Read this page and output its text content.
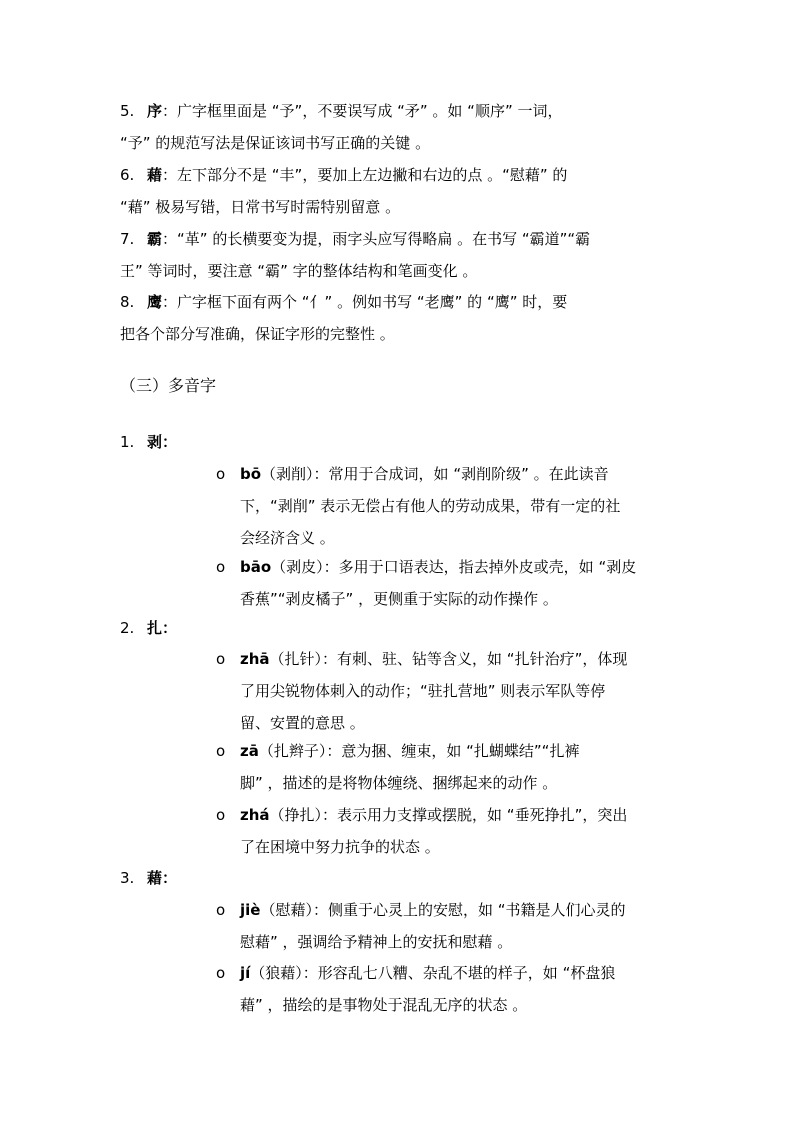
5. 序：广字框里面是 “予”，不要误写成 “矛” 。如 “顺序” 一词，
“予” 的规范写法是保证该词书写正确的关键 。
6. 藉：左下部分不是 “丰”，要加上左边撇和右边的点 。“慰藉” 的
“藉” 极易写错，日常书写时需特别留意 。
7. 霸：“革” 的长横要变为提，雨字头应写得略扁 。在书写 “霸道”“霸
王” 等词时，要注意 “霸” 字的整体结构和笔画变化 。
8. 鹰：广字框下面有两个 “亻” 。例如书写 “老鹰” 的 “鹰” 时，要
把各个部分写准确，保证字形的完整性 。
（三）多音字
1. 剥：
o bō（剥削）：常用于合成词，如 “剥削阶级” 。在此读音
下，“剥削” 表示无偿占有他人的劳动成果，带有一定的社
会经济含义 。
o bāo（剥皮）：多用于口语表达，指去掉外皮或壳，如 “剥皮
香蕉”“剥皮橘子” ，更侧重于实际的动作操作 。
2. 扎：
o zhā（扎针）：有刺、驻、钻等含义，如 “扎针治疗”，体现
了用尖锐物体刺入的动作；“驻扎营地” 则表示军队等停
留、安置的意思 。
o zā（扎辫子）：意为捆、缠束，如 “扎蝴蝶结”“扎裤
脚” ，描述的是将物体缠绕、捆绑起来的动作 。
o zhá（挣扎）：表示用力支撑或摆脱，如 “垂死挣扎”，突出
了在困境中努力抗争的状态 。
3. 藉：
o jiè（慰藉）：侧重于心灵上的安慰，如 “书籍是人们心灵的
慰藉” ，强调给予精神上的安抚和慰藉 。
o jí（狼藉）：形容乱七八糟、杂乱不堪的样子，如 “杯盘狼
藉” ，描绘的是事物处于混乱无序的状态 。
